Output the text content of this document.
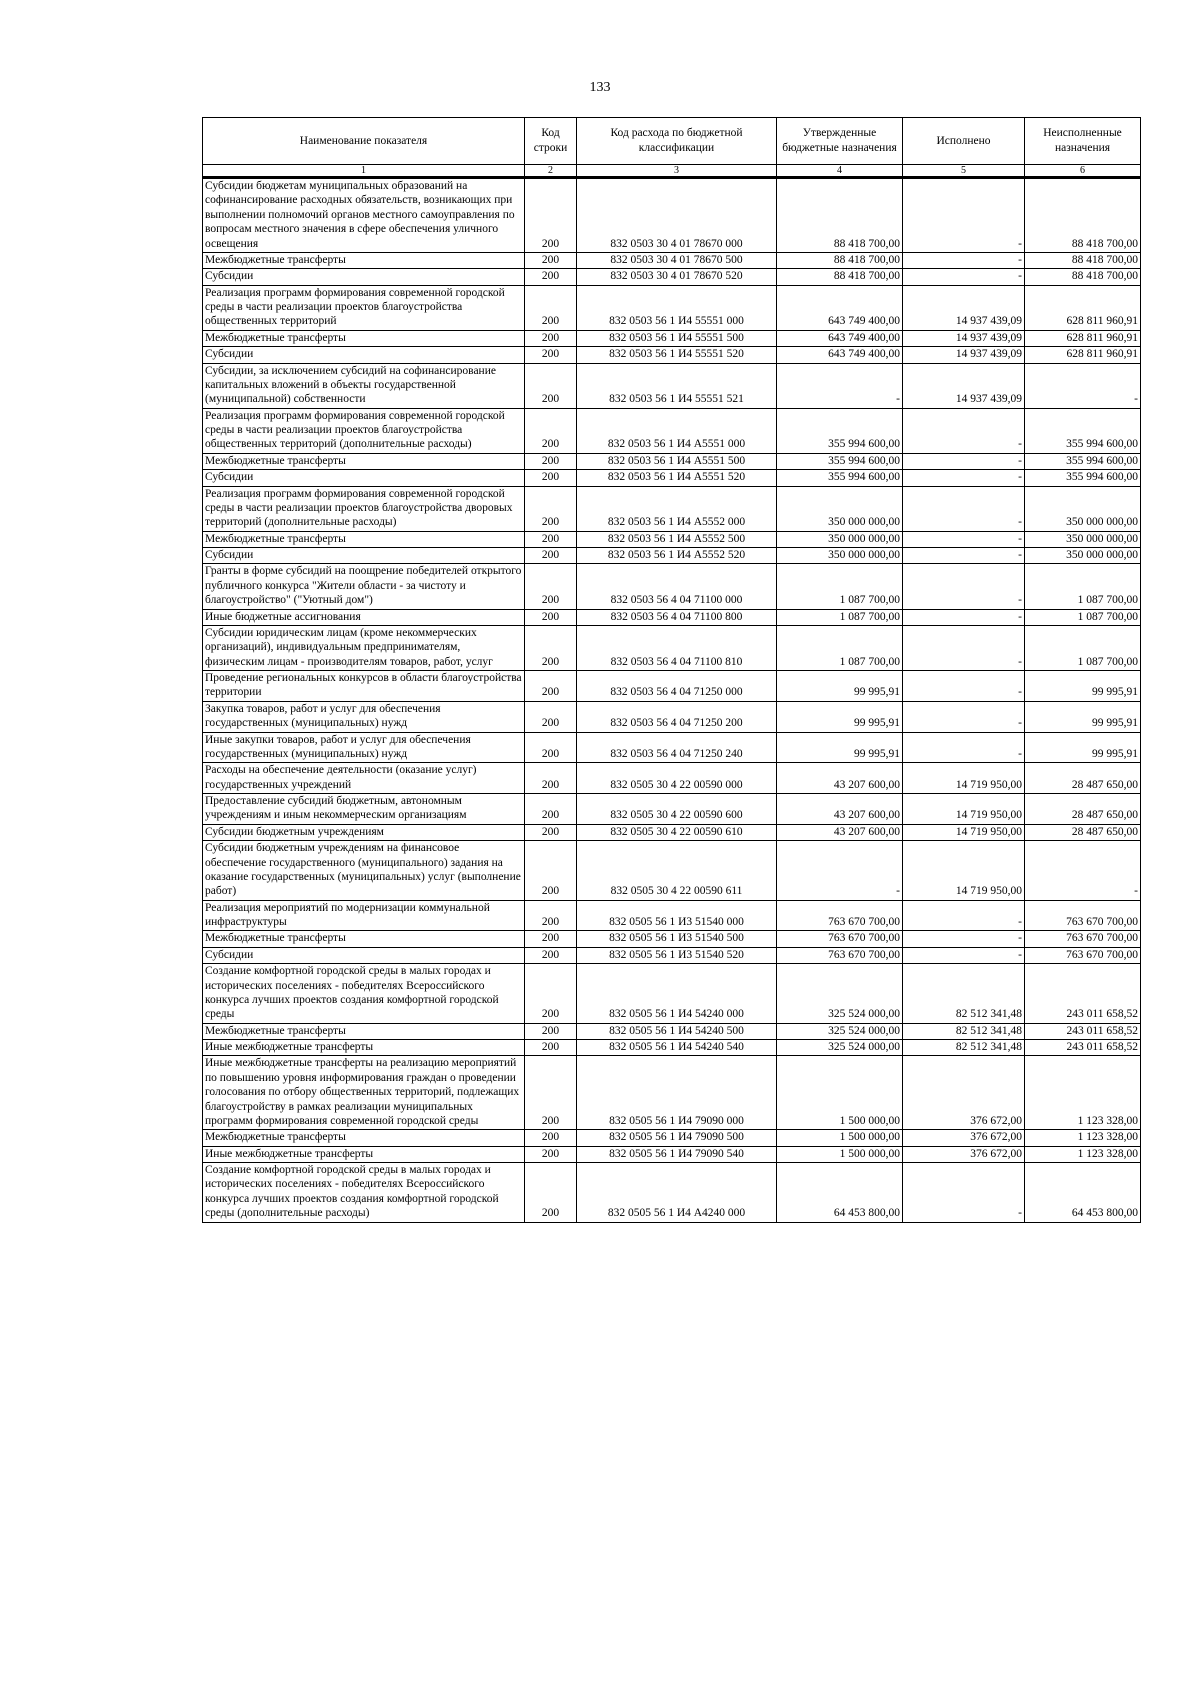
133
Наименование показателя	Код строки	Код расхода по бюджетной классификации	Утвержденные бюджетные назначения	Исполнено	Неисполненные назначения
1	2	3	4	5	6
Субсидии бюджетам муниципальных образований на софинансирование расходных обязательств, возникающих при выполнении полномочий органов местного самоуправления по вопросам местного значения в сфере обеспечения уличного освещения	200	832 0503 30 4 01 78670 000	88 418 700,00	-	88 418 700,00
Межбюджетные трансферты	200	832 0503 30 4 01 78670 500	88 418 700,00	-	88 418 700,00
Субсидии	200	832 0503 30 4 01 78670 520	88 418 700,00	-	88 418 700,00
Реализация программ формирования современной городской среды в части реализации проектов благоустройства общественных территорий	200	832 0503 56 1 И4 55551 000	643 749 400,00	14 937 439,09	628 811 960,91
Межбюджетные трансферты	200	832 0503 56 1 И4 55551 500	643 749 400,00	14 937 439,09	628 811 960,91
Субсидии	200	832 0503 56 1 И4 55551 520	643 749 400,00	14 937 439,09	628 811 960,91
Субсидии, за исключением субсидий на софинансирование капитальных вложений в объекты государственной (муниципальной) собственности	200	832 0503 56 1 И4 55551 521	-	14 937 439,09	-
Реализация программ формирования современной городской среды в части реализации проектов благоустройства общественных территорий (дополнительные расходы)	200	832 0503 56 1 И4 А5551 000	355 994 600,00	-	355 994 600,00
Межбюджетные трансферты	200	832 0503 56 1 И4 А5551 500	355 994 600,00	-	355 994 600,00
Субсидии	200	832 0503 56 1 И4 А5551 520	355 994 600,00	-	355 994 600,00
Реализация программ формирования современной городской среды в части реализации проектов благоустройства дворовых территорий (дополнительные расходы)	200	832 0503 56 1 И4 А5552 000	350 000 000,00	-	350 000 000,00
Межбюджетные трансферты	200	832 0503 56 1 И4 А5552 500	350 000 000,00	-	350 000 000,00
Субсидии	200	832 0503 56 1 И4 А5552 520	350 000 000,00	-	350 000 000,00
Гранты в форме субсидий на поощрение победителей открытого публичного конкурса "Жители области - за чистоту и благоустройство" ("Уютный дом")	200	832 0503 56 4 04 71100 000	1 087 700,00	-	1 087 700,00
Иные бюджетные ассигнования	200	832 0503 56 4 04 71100 800	1 087 700,00	-	1 087 700,00
Субсидии юридическим лицам (кроме некоммерческих организаций), индивидуальным предпринимателям, физическим лицам - производителям товаров, работ, услуг	200	832 0503 56 4 04 71100 810	1 087 700,00	-	1 087 700,00
Проведение региональных конкурсов в области благоустройства территории	200	832 0503 56 4 04 71250 000	99 995,91	-	99 995,91
Закупка товаров, работ и услуг для обеспечения государственных (муниципальных) нужд	200	832 0503 56 4 04 71250 200	99 995,91	-	99 995,91
Иные закупки товаров, работ и услуг для обеспечения государственных (муниципальных) нужд	200	832 0503 56 4 04 71250 240	99 995,91	-	99 995,91
Расходы на обеспечение деятельности (оказание услуг) государственных учреждений	200	832 0505 30 4 22 00590 000	43 207 600,00	14 719 950,00	28 487 650,00
Предоставление субсидий бюджетным, автономным учреждениям и иным некоммерческим организациям	200	832 0505 30 4 22 00590 600	43 207 600,00	14 719 950,00	28 487 650,00
Субсидии бюджетным учреждениям	200	832 0505 30 4 22 00590 610	43 207 600,00	14 719 950,00	28 487 650,00
Субсидии бюджетным учреждениям на финансовое обеспечение государственного (муниципального) задания на оказание государственных (муниципальных) услуг (выполнение работ)	200	832 0505 30 4 22 00590 611	-	14 719 950,00	-
Реализация мероприятий по модернизации коммунальной инфраструктуры	200	832 0505 56 1 И3 51540 000	763 670 700,00	-	763 670 700,00
Межбюджетные трансферты	200	832 0505 56 1 И3 51540 500	763 670 700,00	-	763 670 700,00
Субсидии	200	832 0505 56 1 И3 51540 520	763 670 700,00	-	763 670 700,00
Создание комфортной городской среды в малых городах и исторических поселениях - победителях Всероссийского конкурса лучших проектов создания комфортной городской среды	200	832 0505 56 1 И4 54240 000	325 524 000,00	82 512 341,48	243 011 658,52
Межбюджетные трансферты	200	832 0505 56 1 И4 54240 500	325 524 000,00	82 512 341,48	243 011 658,52
Иные межбюджетные трансферты	200	832 0505 56 1 И4 54240 540	325 524 000,00	82 512 341,48	243 011 658,52
Иные межбюджетные трансферты на реализацию мероприятий по повышению уровня информирования граждан о проведении голосования по отбору общественных территорий, подлежащих благоустройству в рамках реализации муниципальных программ формирования современной городской среды	200	832 0505 56 1 И4 79090 000	1 500 000,00	376 672,00	1 123 328,00
Межбюджетные трансферты	200	832 0505 56 1 И4 79090 500	1 500 000,00	376 672,00	1 123 328,00
Иные межбюджетные трансферты	200	832 0505 56 1 И4 79090 540	1 500 000,00	376 672,00	1 123 328,00
Создание комфортной городской среды в малых городах и исторических поселениях - победителях Всероссийского конкурса лучших проектов создания комфортной городской среды (дополнительные расходы)	200	832 0505 56 1 И4 А4240 000	64 453 800,00	-	64 453 800,00
